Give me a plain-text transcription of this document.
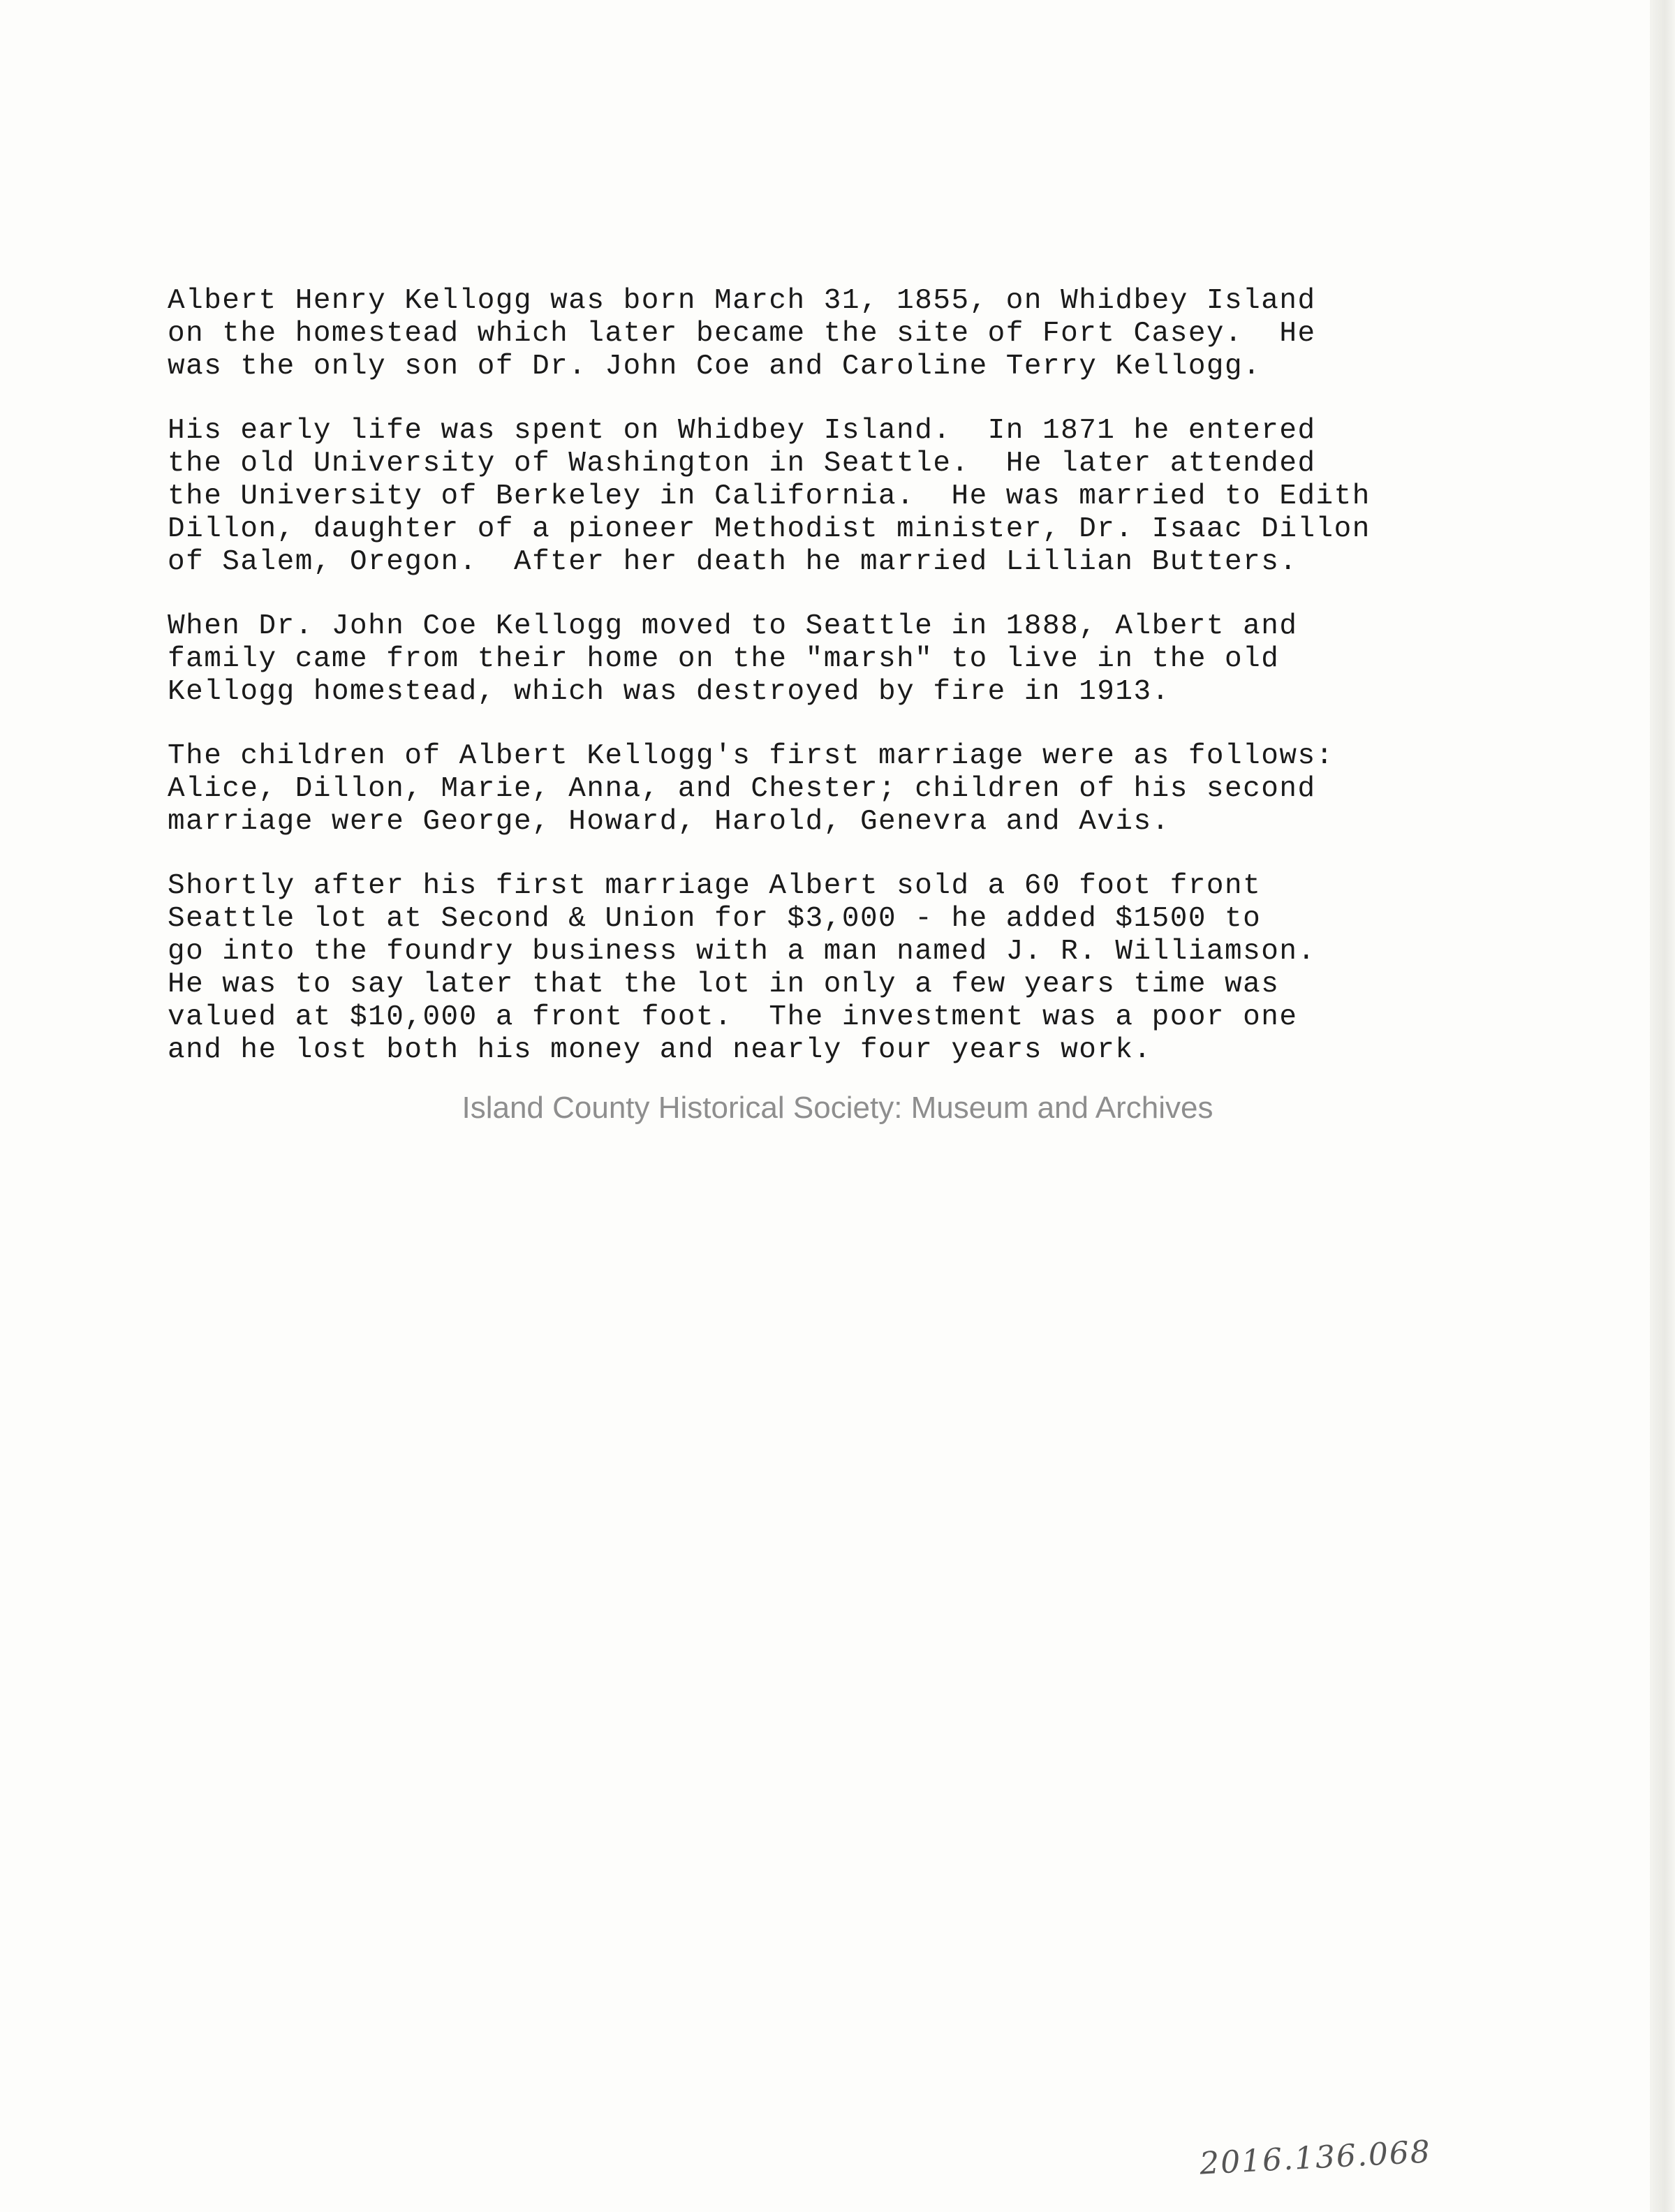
Albert Henry Kellogg was born March 31, 1855, on Whidbey Island
on the homestead which later became the site of Fort Casey.  He
was the only son of Dr. John Coe and Caroline Terry Kellogg.

His early life was spent on Whidbey Island.  In 1871 he entered
the old University of Washington in Seattle.  He later attended
the University of Berkeley in California.  He was married to Edith
Dillon, daughter of a pioneer Methodist minister, Dr. Isaac Dillon
of Salem, Oregon.  After her death he married Lillian Butters.

When Dr. John Coe Kellogg moved to Seattle in 1888, Albert and
family came from their home on the "marsh" to live in the old
Kellogg homestead, which was destroyed by fire in 1913.

The children of Albert Kellogg's first marriage were as follows:
Alice, Dillon, Marie, Anna, and Chester; children of his second
marriage were George, Howard, Harold, Genevra and Avis.

Shortly after his first marriage Albert sold a 60 foot front
Seattle lot at Second & Union for $3,000 - he added $1500 to
go into the foundry business with a man named J. R. Williamson.
He was to say later that the lot in only a few years time was
valued at $10,000 a front foot.  The investment was a poor one
and he lost both his money and nearly four years work.

Island County Historical Society: Museum and Archives
2016.136.068
